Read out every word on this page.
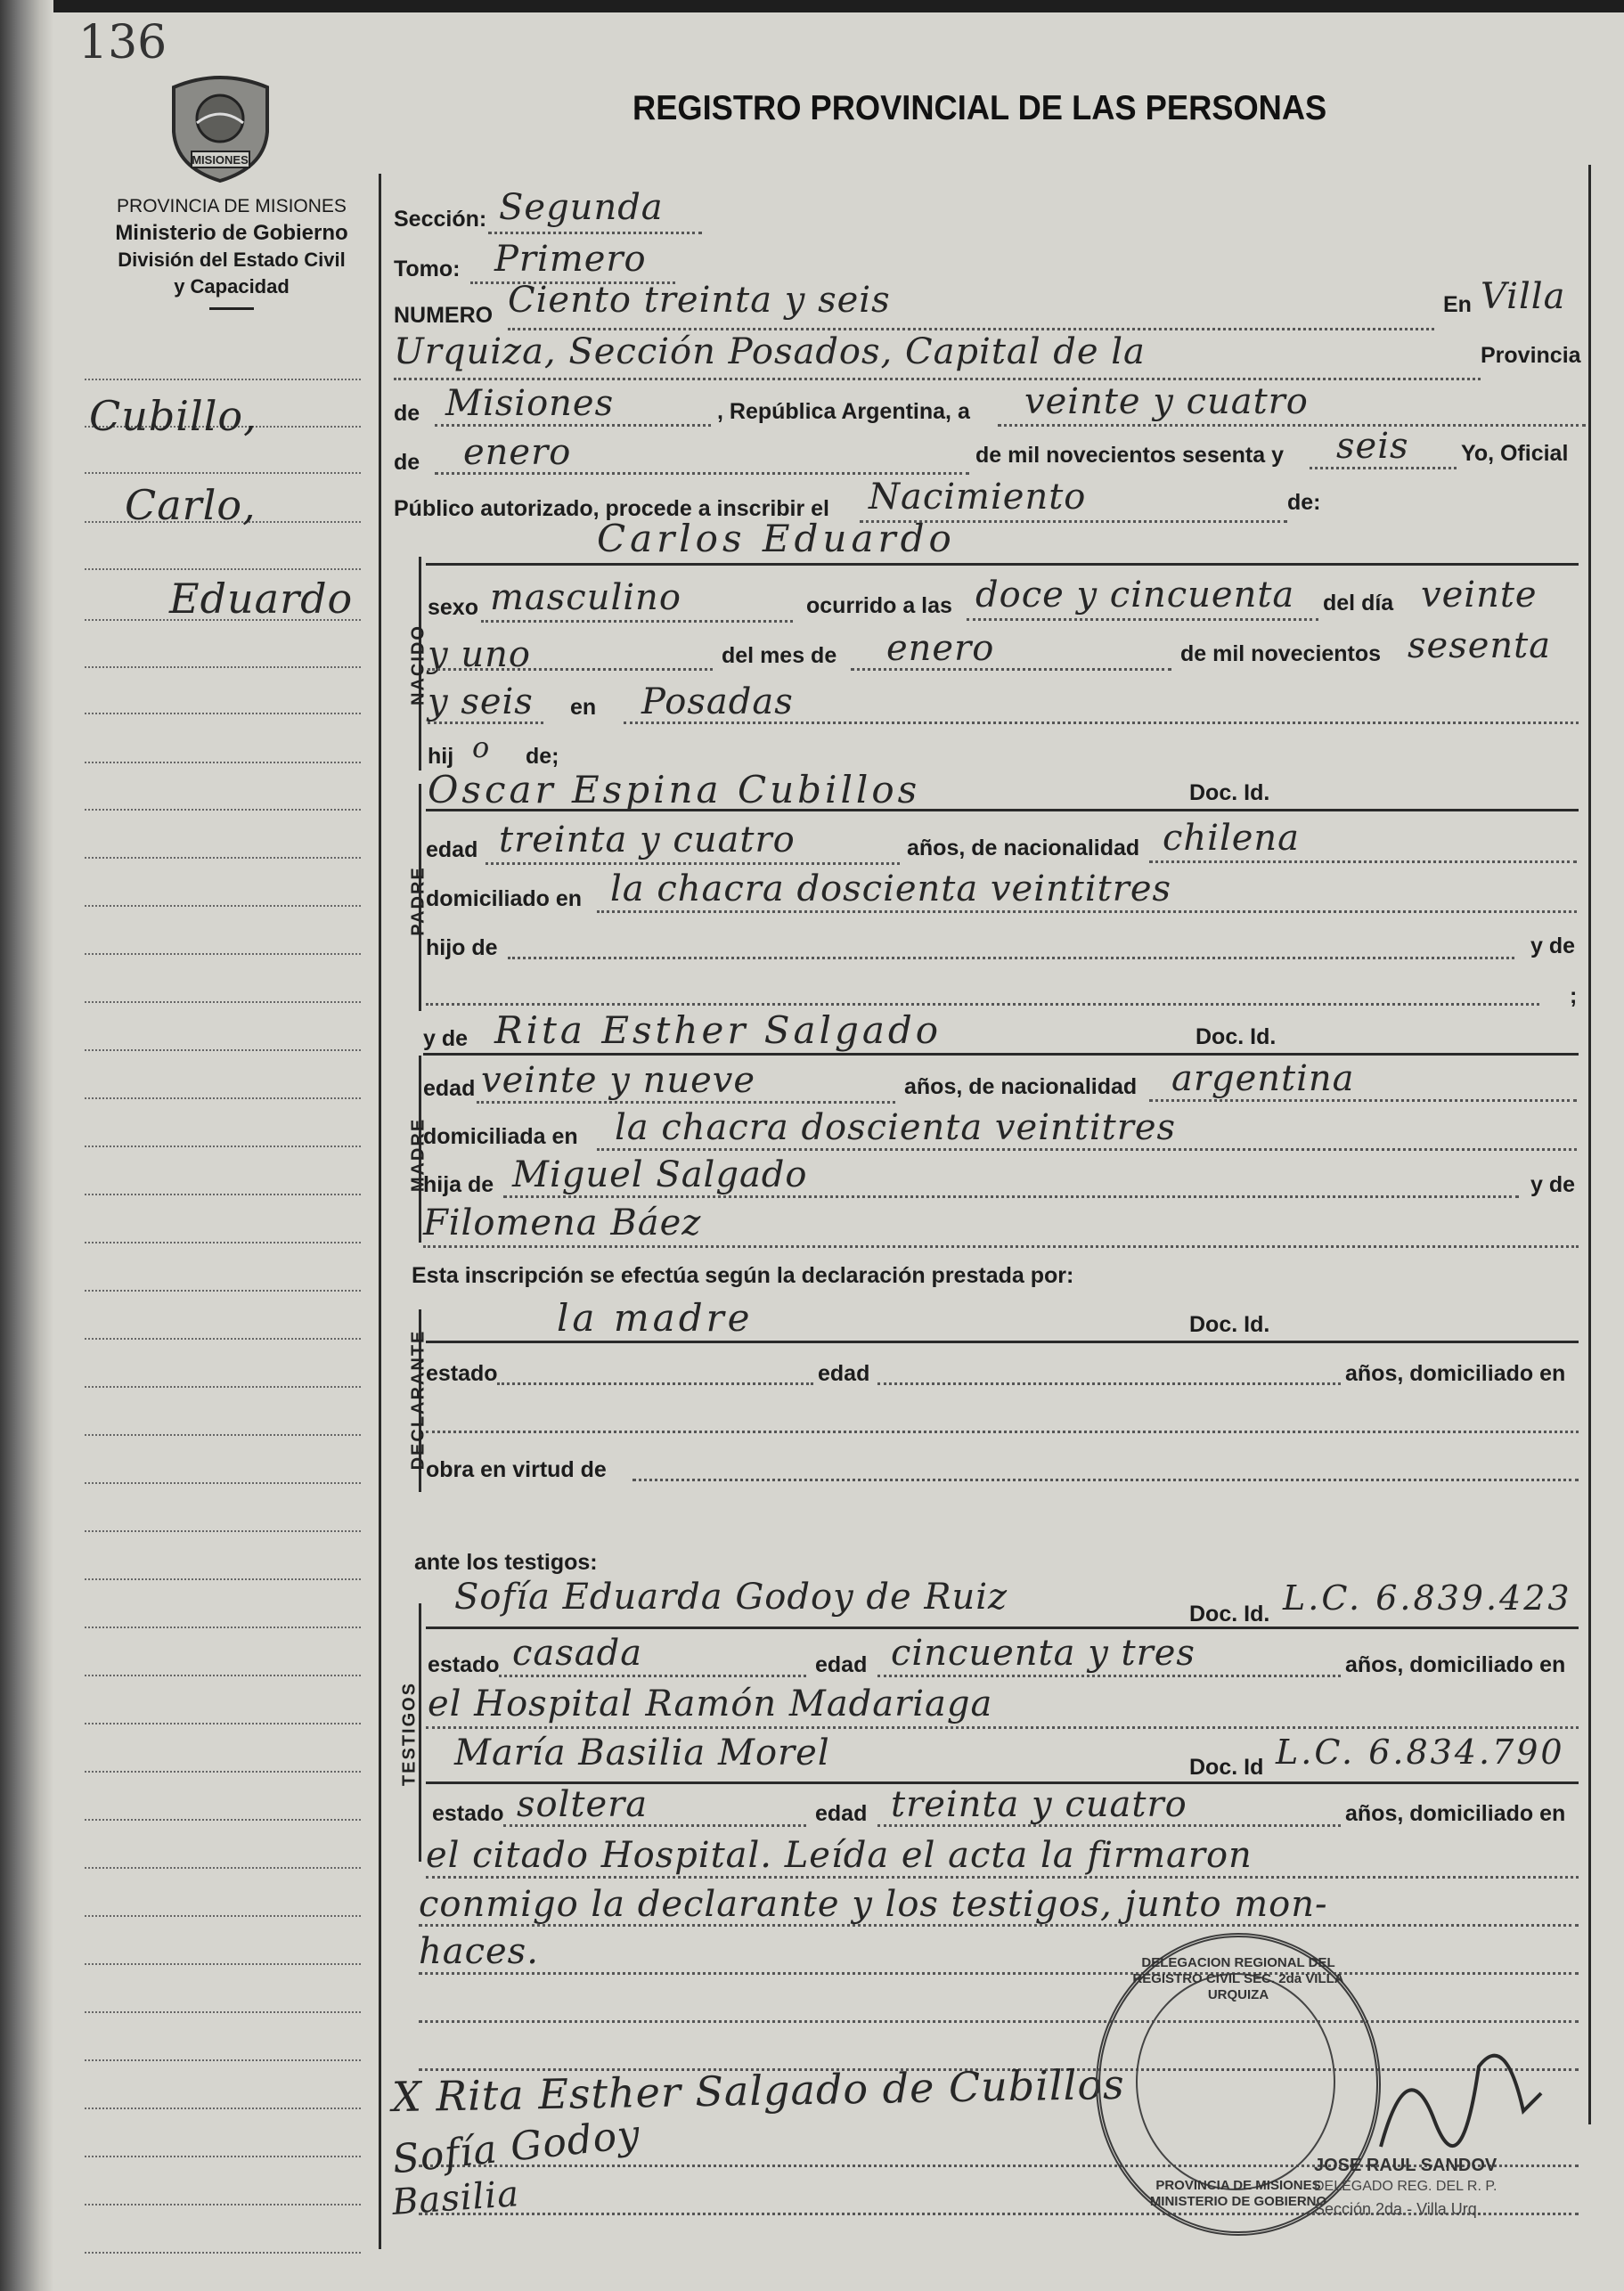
136
MISIONES
REGISTRO PROVINCIAL DE LAS PERSONAS
PROVINCIA DE MISIONES
Ministerio de Gobierno
División del Estado Civil
y Capacidad
Cubillo,
Carlo,
Eduardo
Sección: Segunda
Tomo: Primero
NUMERO Ciento treinta y seis	En Villa
Urquiza, Sección Posados, Capital de la	Provincia
de Misiones	, República Argentina, a veinte y cuatro
de enero	de mil novecientos sesenta y seis Yo, Oficial
Público autorizado, procede a inscribir el Nacimiento	de:
NACIDO
Carlos Eduardo
sexo masculino	ocurrido a las doce y cincuenta del día veinte
y uno	del mes de enero	de mil novecientos sesenta
y seis en Posadas
hij o de;
PADRE
Oscar Espina Cubillos	Doc. Id.
edad treinta y cuatro	años, de nacionalidad chilena
domiciliado en la chacra doscienta veintitres
hijo de	y de
;
MADRE
y de Rita Esther Salgado	Doc. Id.
edad veinte y nueve	años, de nacionalidad argentina
domiciliada en la chacra doscienta veintitres
hija de Miguel Salgado	y de
Filomena Báez
Esta inscripción se efectúa según la declaración prestada por:
DECLARANTE
la madre	Doc. Id.
estado	edad	años, domiciliado en
obra en virtud de
ante los testigos:
TESTIGOS
Sofía Eduarda Godoy de Ruiz	Doc. Id. L.C. 6.839.423
estado casada	edad cincuenta y tres	años, domiciliado en
el Hospital Ramón Madariaga
María Basilia Morel	Doc. Id L.C. 6.834.790
estado soltera	edad treinta y cuatro	años, domiciliado en
el citado Hospital. Leída el acta la firmaron
conmigo la declarante y los testigos, junto mon-
haces.
X Rita Esther Salgado de Cubillos
Sofía Godoy
Basilia
DELEGACION REGIONAL DEL REGISTRO CIVIL SEC. 2da VILLA URQUIZA
PROVINCIA DE MISIONES MINISTERIO DE GOBIERNO
JOSE RAUL SANDOV
DELEGADO REG. DEL R. P.
Sección 2da - Villa Urq.
